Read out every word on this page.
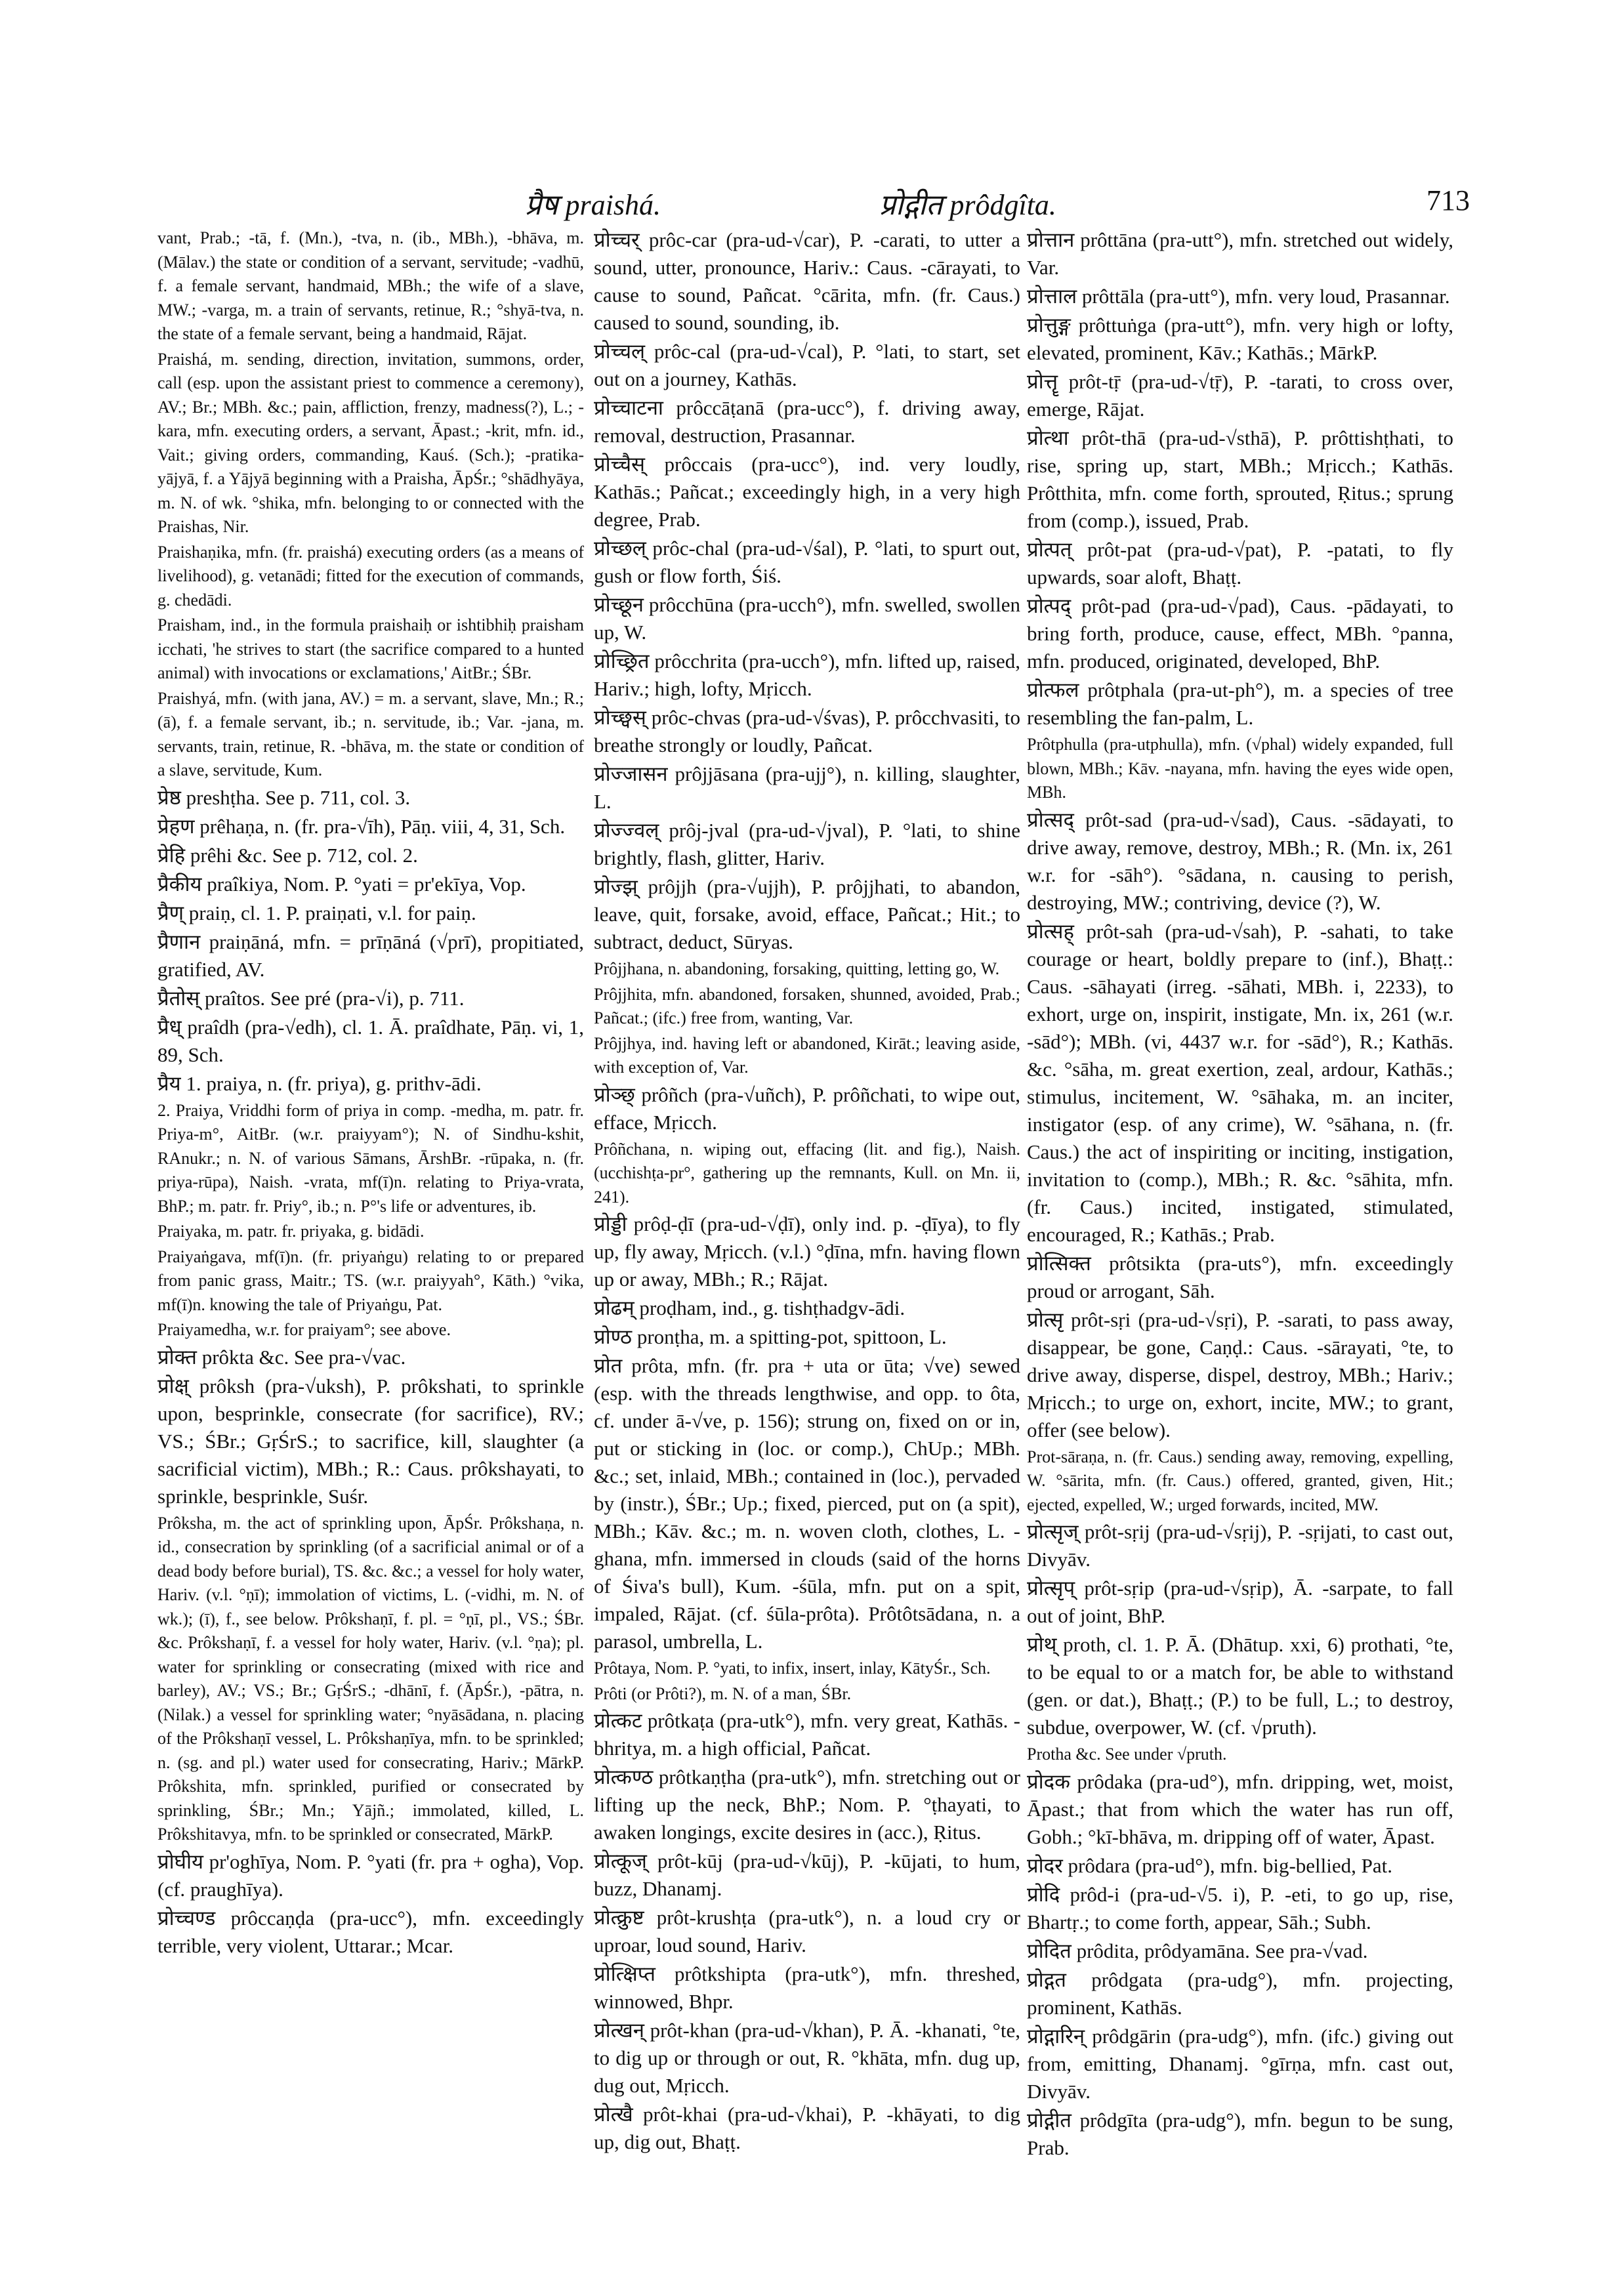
प्रैष praishá.	प्रोद्गीत prôdgîta.	713

vant, Prab.; -tā, f. (Mn.), -tva, n. (ib., MBh.), -bhāva, m. (Mālav.) the state or condition of a servant, servitude; -vadhū, f. a female servant, handmaid, MBh.; the wife of a slave, MW.; -varga, m. a train of servants, retinue, R.; °shyā-tva, n. the state of a female servant, being a handmaid, Rājat.

Praishá, m. sending, direction, invitation, summons, order, call (esp. upon the assistant priest to commence a ceremony), AV.; Br.; MBh. &c.; pain, affliction, frenzy, madness(?), L.; -kara, mfn. executing orders, a servant, Āpast.; -krit, mfn. id., Vait.; giving orders, commanding, Kauś. (Sch.); -pratika-yājyā, f. a Yājyā beginning with a Praisha, ĀpŚr.; °shādhyāya, m. N. of wk. °shika, mfn. belonging to or connected with the Praishas, Nir.

Praishaṇika, mfn. (fr. praishá) executing orders (as a means of livelihood), g. vetanādi; fitted for the execution of commands, g. chedādi.

Praisham, ind., in the formula praishaiḥ or ishtibhiḥ praisham icchati, 'he strives to start (the sacrifice compared to a hunted animal) with invocations or exclamations,' AitBr.; ŚBr.

Praishyá, mfn. (with jana, AV.) = m. a servant, slave, Mn.; R.; (ā), f. a female servant, ib.; n. servitude, ib.; Var. -jana, m. servants, train, retinue, R. -bhāva, m. the state or condition of a slave, servitude, Kum.

प्रेष्ठ preshṭha. See p. 711, col. 3.

प्रेहण prêhaṇa, n. (fr. pra-√īh), Pāṇ. viii, 4, 31, Sch.

प्रेहि prêhi &c. See p. 712, col. 2.

प्रैकीय praîkiya, Nom. P. °yati = pr'ekīya, Vop.

प्रैण् praiṇ, cl. 1. P. praiṇati, v.l. for paiṇ.

प्रैणान praiṇāná, mfn. = prīṇāná (√prī), propitiated, gratified, AV.

प्रैतोस् praîtos. See pré (pra-√i), p. 711.

प्रैध् praîdh (pra-√edh), cl. 1. Ā. praîdhate, Pāṇ. vi, 1, 89, Sch.

प्रैय 1. praiya, n. (fr. priya), g. prithv-ādi.

2. Praiya, Vriddhi form of priya in comp. -medha, m. patr. fr. Priya-m°, AitBr. (w.r. praiyyam°); N. of Sindhu-kshit, RAnukr.; n. N. of various Sāmans, ĀrshBr. -rūpaka, n. (fr. priya-rūpa), Naish. -vrata, mf(ī)n. relating to Priya-vrata, BhP.; m. patr. fr. Priy°, ib.; n. P°'s life or adventures, ib.

Praiyaka, m. patr. fr. priyaka, g. bidādi.

Praiyaṅgava, mf(ī)n. (fr. priyaṅgu) relating to or prepared from panic grass, Maitr.; TS. (w.r. praiyyah°, Kāth.) °vika, mf(ī)n. knowing the tale of Priyaṅgu, Pat.

Praiyamedha, w.r. for praiyam°; see above.

प्रोक्त prôkta &c. See pra-√vac.

प्रोक्ष् prôksh (pra-√uksh), P. prôkshati, to sprinkle upon, besprinkle, consecrate (for sacrifice), RV.; VS.; ŚBr.; GṛŚrS.; to sacrifice, kill, slaughter (a sacrificial victim), MBh.; R.: Caus. prôkshayati, to sprinkle, besprinkle, Suśr.

Prôksha, m. the act of sprinkling upon, ĀpŚr. Prôkshaṇa, n. id., consecration by sprinkling (of a sacrificial animal or of a dead body before burial), TS. &c. &c.; a vessel for holy water, Hariv. (v.l. °ṇī); immolation of victims, L. (-vidhi, m. N. of wk.); (ī), f., see below. Prôkshaṇī, f. pl. = °ṇī, pl., VS.; ŚBr. &c. Prôkshaṇī, f. a vessel for holy water, Hariv. (v.l. °ṇa); pl. water for sprinkling or consecrating (mixed with rice and barley), AV.; VS.; Br.; GṛŚrS.; -dhānī, f. (ĀpŚr.), -pātra, n. (Nilak.) a vessel for sprinkling water; °nyāsādana, n. placing of the Prôkshaṇī vessel, L. Prôkshaṇīya, mfn. to be sprinkled; n. (sg. and pl.) water used for consecrating, Hariv.; MārkP. Prôkshita, mfn. sprinkled, purified or consecrated by sprinkling, ŚBr.; Mn.; Yājñ.; immolated, killed, L. Prôkshitavya, mfn. to be sprinkled or consecrated, MārkP.

प्रोघीय pr'oghīya, Nom. P. °yati (fr. pra + ogha), Vop. (cf. praughīya).

प्रोच्चण्ड prôccaṇḍa (pra-ucc°), mfn. exceedingly terrible, very violent, Uttarar.; Mcar.

प्रोच्चर् prôc-car (pra-ud-√car), P. -carati, to utter a sound, utter, pronounce, Hariv.: Caus. -cārayati, to cause to sound, Pañcat. °cārita, mfn. (fr. Caus.) caused to sound, sounding, ib.

प्रोच्चल् prôc-cal (pra-ud-√cal), P. °lati, to start, set out on a journey, Kathās.

प्रोच्चाटना prôccāṭanā (pra-ucc°), f. driving away, removal, destruction, Prasannar.

प्रोच्चैस् prôccais (pra-ucc°), ind. very loudly, Kathās.; Pañcat.; exceedingly high, in a very high degree, Prab.

प्रोच्छल् prôc-chal (pra-ud-√śal), P. °lati, to spurt out, gush or flow forth, Śiś.

प्रोच्छून prôcchūna (pra-ucch°), mfn. swelled, swollen up, W.

प्रोच्छ्रित prôcchrita (pra-ucch°), mfn. lifted up, raised, Hariv.; high, lofty, Mṛicch.

प्रोच्छ्वस् prôc-chvas (pra-ud-√śvas), P. prôcchvasiti, to breathe strongly or loudly, Pañcat.

प्रोज्जासन prôjjāsana (pra-ujj°), n. killing, slaughter, L.

प्रोज्ज्वल् prôj-jval (pra-ud-√jval), P. °lati, to shine brightly, flash, glitter, Hariv.

प्रोज्झ् prôjjh (pra-√ujjh), P. prôjjhati, to abandon, leave, quit, forsake, avoid, efface, Pañcat.; Hit.; to subtract, deduct, Sūryas.

Prôjjhana, n. abandoning, forsaking, quitting, letting go, W.

Prôjjhita, mfn. abandoned, forsaken, shunned, avoided, Prab.; Pañcat.; (ifc.) free from, wanting, Var.

Prôjjhya, ind. having left or abandoned, Kirāt.; leaving aside, with exception of, Var.

प्रोञ्छ् prôñch (pra-√uñch), P. prôñchati, to wipe out, efface, Mṛicch.

Prôñchana, n. wiping out, effacing (lit. and fig.), Naish. (ucchishṭa-pr°, gathering up the remnants, Kull. on Mn. ii, 241).

प्रोड्डी prôḍ-ḍī (pra-ud-√ḍī), only ind. p. -ḍīya), to fly up, fly away, Mṛicch. (v.l.) °ḍīna, mfn. having flown up or away, MBh.; R.; Rājat.

प्रोढम् proḍham, ind., g. tishṭhadgv-ādi.

प्रोण्ठ pronṭha, m. a spitting-pot, spittoon, L.

प्रोत prôta, mfn. (fr. pra + uta or ūta; √ve) sewed (esp. with the threads lengthwise, and opp. to ôta, cf. under ā-√ve, p. 156); strung on, fixed on or in, put or sticking in (loc. or comp.), ChUp.; MBh. &c.; set, inlaid, MBh.; contained in (loc.), pervaded by (instr.), ŚBr.; Up.; fixed, pierced, put on (a spit), MBh.; Kāv. &c.; m. n. woven cloth, clothes, L. -ghana, mfn. immersed in clouds (said of the horns of Śiva's bull), Kum. -śūla, mfn. put on a spit, impaled, Rājat. (cf. śūla-prôta). Prôtôtsādana, n. a parasol, umbrella, L.

Prôtaya, Nom. P. °yati, to infix, insert, inlay, KātyŚr., Sch.

Prôti (or Prôti?), m. N. of a man, ŚBr.

प्रोत्कट prôtkaṭa (pra-utk°), mfn. very great, Kathās. -bhritya, m. a high official, Pañcat.

प्रोत्कण्ठ prôtkaṇṭha (pra-utk°), mfn. stretching out or lifting up the neck, BhP.; Nom. P. °ṭhayati, to awaken longings, excite desires in (acc.), Ṛitus.

प्रोत्कूज् prôt-kūj (pra-ud-√kūj), P. -kūjati, to hum, buzz, Dhanamj.

प्रोत्क्रुष्ट prôt-krushṭa (pra-utk°), n. a loud cry or uproar, loud sound, Hariv.

प्रोत्क्षिप्त prôtkshipta (pra-utk°), mfn. threshed, winnowed, Bhpr.

प्रोत्खन् prôt-khan (pra-ud-√khan), P. Ā. -khanati, °te, to dig up or through or out, R. °khāta, mfn. dug up, dug out, Mṛicch.

प्रोत्खै prôt-khai (pra-ud-√khai), P. -khāyati, to dig up, dig out, Bhaṭṭ.

प्रोत्तान prôttāna (pra-utt°), mfn. stretched out widely, Var.

प्रोत्ताल prôttāla (pra-utt°), mfn. very loud, Prasannar.

प्रोत्तुङ्ग prôttuṅga (pra-utt°), mfn. very high or lofty, elevated, prominent, Kāv.; Kathās.; MārkP.

प्रोत्तॄ prôt-tṝ (pra-ud-√tṝ), P. -tarati, to cross over, emerge, Rājat.

प्रोत्था prôt-thā (pra-ud-√sthā), P. prôttishṭhati, to rise, spring up, start, MBh.; Mṛicch.; Kathās. Prôtthita, mfn. come forth, sprouted, Ṛitus.; sprung from (comp.), issued, Prab.

प्रोत्पत् prôt-pat (pra-ud-√pat), P. -patati, to fly upwards, soar aloft, Bhaṭṭ.

प्रोत्पद् prôt-pad (pra-ud-√pad), Caus. -pādayati, to bring forth, produce, cause, effect, MBh. °panna, mfn. produced, originated, developed, BhP.

प्रोत्फल prôtphala (pra-ut-ph°), m. a species of tree resembling the fan-palm, L.

Prôtphulla (pra-utphulla), mfn. (√phal) widely expanded, full blown, MBh.; Kāv. -nayana, mfn. having the eyes wide open, MBh.

प्रोत्सद् prôt-sad (pra-ud-√sad), Caus. -sādayati, to drive away, remove, destroy, MBh.; R. (Mn. ix, 261 w.r. for -sāh°). °sādana, n. causing to perish, destroying, MW.; contriving, device (?), W.

प्रोत्सह् prôt-sah (pra-ud-√sah), P. -sahati, to take courage or heart, boldly prepare to (inf.), Bhaṭṭ.: Caus. -sāhayati (irreg. -sāhati, MBh. i, 2233), to exhort, urge on, inspirit, instigate, Mn. ix, 261 (w.r. -sād°); MBh. (vi, 4437 w.r. for -sād°), R.; Kathās. &c. °sāha, m. great exertion, zeal, ardour, Kathās.; stimulus, incitement, W. °sāhaka, m. an inciter, instigator (esp. of any crime), W. °sāhana, n. (fr. Caus.) the act of inspiriting or inciting, instigation, invitation to (comp.), MBh.; R. &c. °sāhita, mfn. (fr. Caus.) incited, instigated, stimulated, encouraged, R.; Kathās.; Prab.

प्रोत्सिक्त prôtsikta (pra-uts°), mfn. exceedingly proud or arrogant, Sāh.

प्रोत्सृ prôt-sṛi (pra-ud-√sṛi), P. -sarati, to pass away, disappear, be gone, Caṇḍ.: Caus. -sārayati, °te, to drive away, disperse, dispel, destroy, MBh.; Hariv.; Mṛicch.; to urge on, exhort, incite, MW.; to grant, offer (see below).

Prot-sāraṇa, n. (fr. Caus.) sending away, removing, expelling, W. °sārita, mfn. (fr. Caus.) offered, granted, given, Hit.; ejected, expelled, W.; urged forwards, incited, MW.

प्रोत्सृज् prôt-sṛij (pra-ud-√sṛij), P. -sṛijati, to cast out, Divyāv.

प्रोत्सृप् prôt-sṛip (pra-ud-√sṛip), Ā. -sarpate, to fall out of joint, BhP.

प्रोथ् proth, cl. 1. P. Ā. (Dhātup. xxi, 6) prothati, °te, to be equal to or a match for, be able to withstand (gen. or dat.), Bhaṭṭ.; (P.) to be full, L.; to destroy, subdue, overpower, W. (cf. √pruth).

Protha &c. See under √pruth.

प्रोदक prôdaka (pra-ud°), mfn. dripping, wet, moist, Āpast.; that from which the water has run off, Gobh.; °kī-bhāva, m. dripping off of water, Āpast.

प्रोदर prôdara (pra-ud°), mfn. big-bellied, Pat.

प्रोदि prôd-i (pra-ud-√5. i), P. -eti, to go up, rise, Bhartṛ.; to come forth, appear, Sāh.; Subh.

प्रोदित prôdita, prôdyamāna. See pra-√vad.

प्रोद्गत prôdgata (pra-udg°), mfn. projecting, prominent, Kathās.

प्रोद्गारिन् prôdgārin (pra-udg°), mfn. (ifc.) giving out from, emitting, Dhanamj. °gīrṇa, mfn. cast out, Divyāv.

प्रोद्गीत prôdgīta (pra-udg°), mfn. begun to be sung, Prab.
